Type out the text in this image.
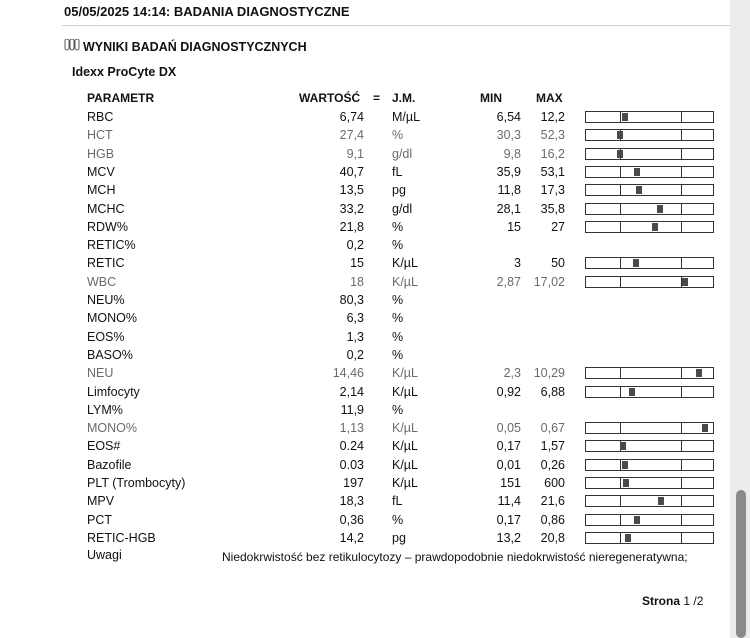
05/05/2025 14:14: BADANIA DIAGNOSTYCZNE
WYNIKI BADAŃ DIAGNOSTYCZNYCH
Idexx ProCyte DX
PARAMETR	WARTOŚĆ = J.M.	MIN	MAX
RBC	6,74 M/µL	6,54 12,2
HCT	27,4 %	30,3 52,3
HGB	9,1 g/dl	9,8 16,2
MCV	40,7 fL	35,9 53,1
MCH	13,5 pg	11,8 17,3
MCHC	33,2 g/dl	28,1 35,8
RDW%	21,8 %	15 27
RETIC%	0,2 %
RETIC	15 K/µL	3 50
WBC	18 K/µL	2,87 17,02
NEU%	80,3 %
MONO%	6,3 %
EOS%	1,3 %
BASO%	0,2 %
NEU	14,46 K/µL	2,3 10,29
Limfocyty	2,14 K/µL	0,92 6,88
LYM%	11,9 %
MONO%	1,13 K/µL	0,05 0,67
EOS#	0.24 K/µL	0,17 1,57
Bazofile	0.03 K/µL	0,01 0,26
PLT (Trombocyty)	197 K/µL	151 600
MPV	18,3 fL	11,4 21,6
PCT	0,36 %	0,17 0,86
RETIC-HGB	14,2 pg	13,2 20,8
Uwagi	Niedokrwistość bez retikulocytozy – prawdopodobnie niedokrwistość nieregeneratywna;
Strona 1 /2
